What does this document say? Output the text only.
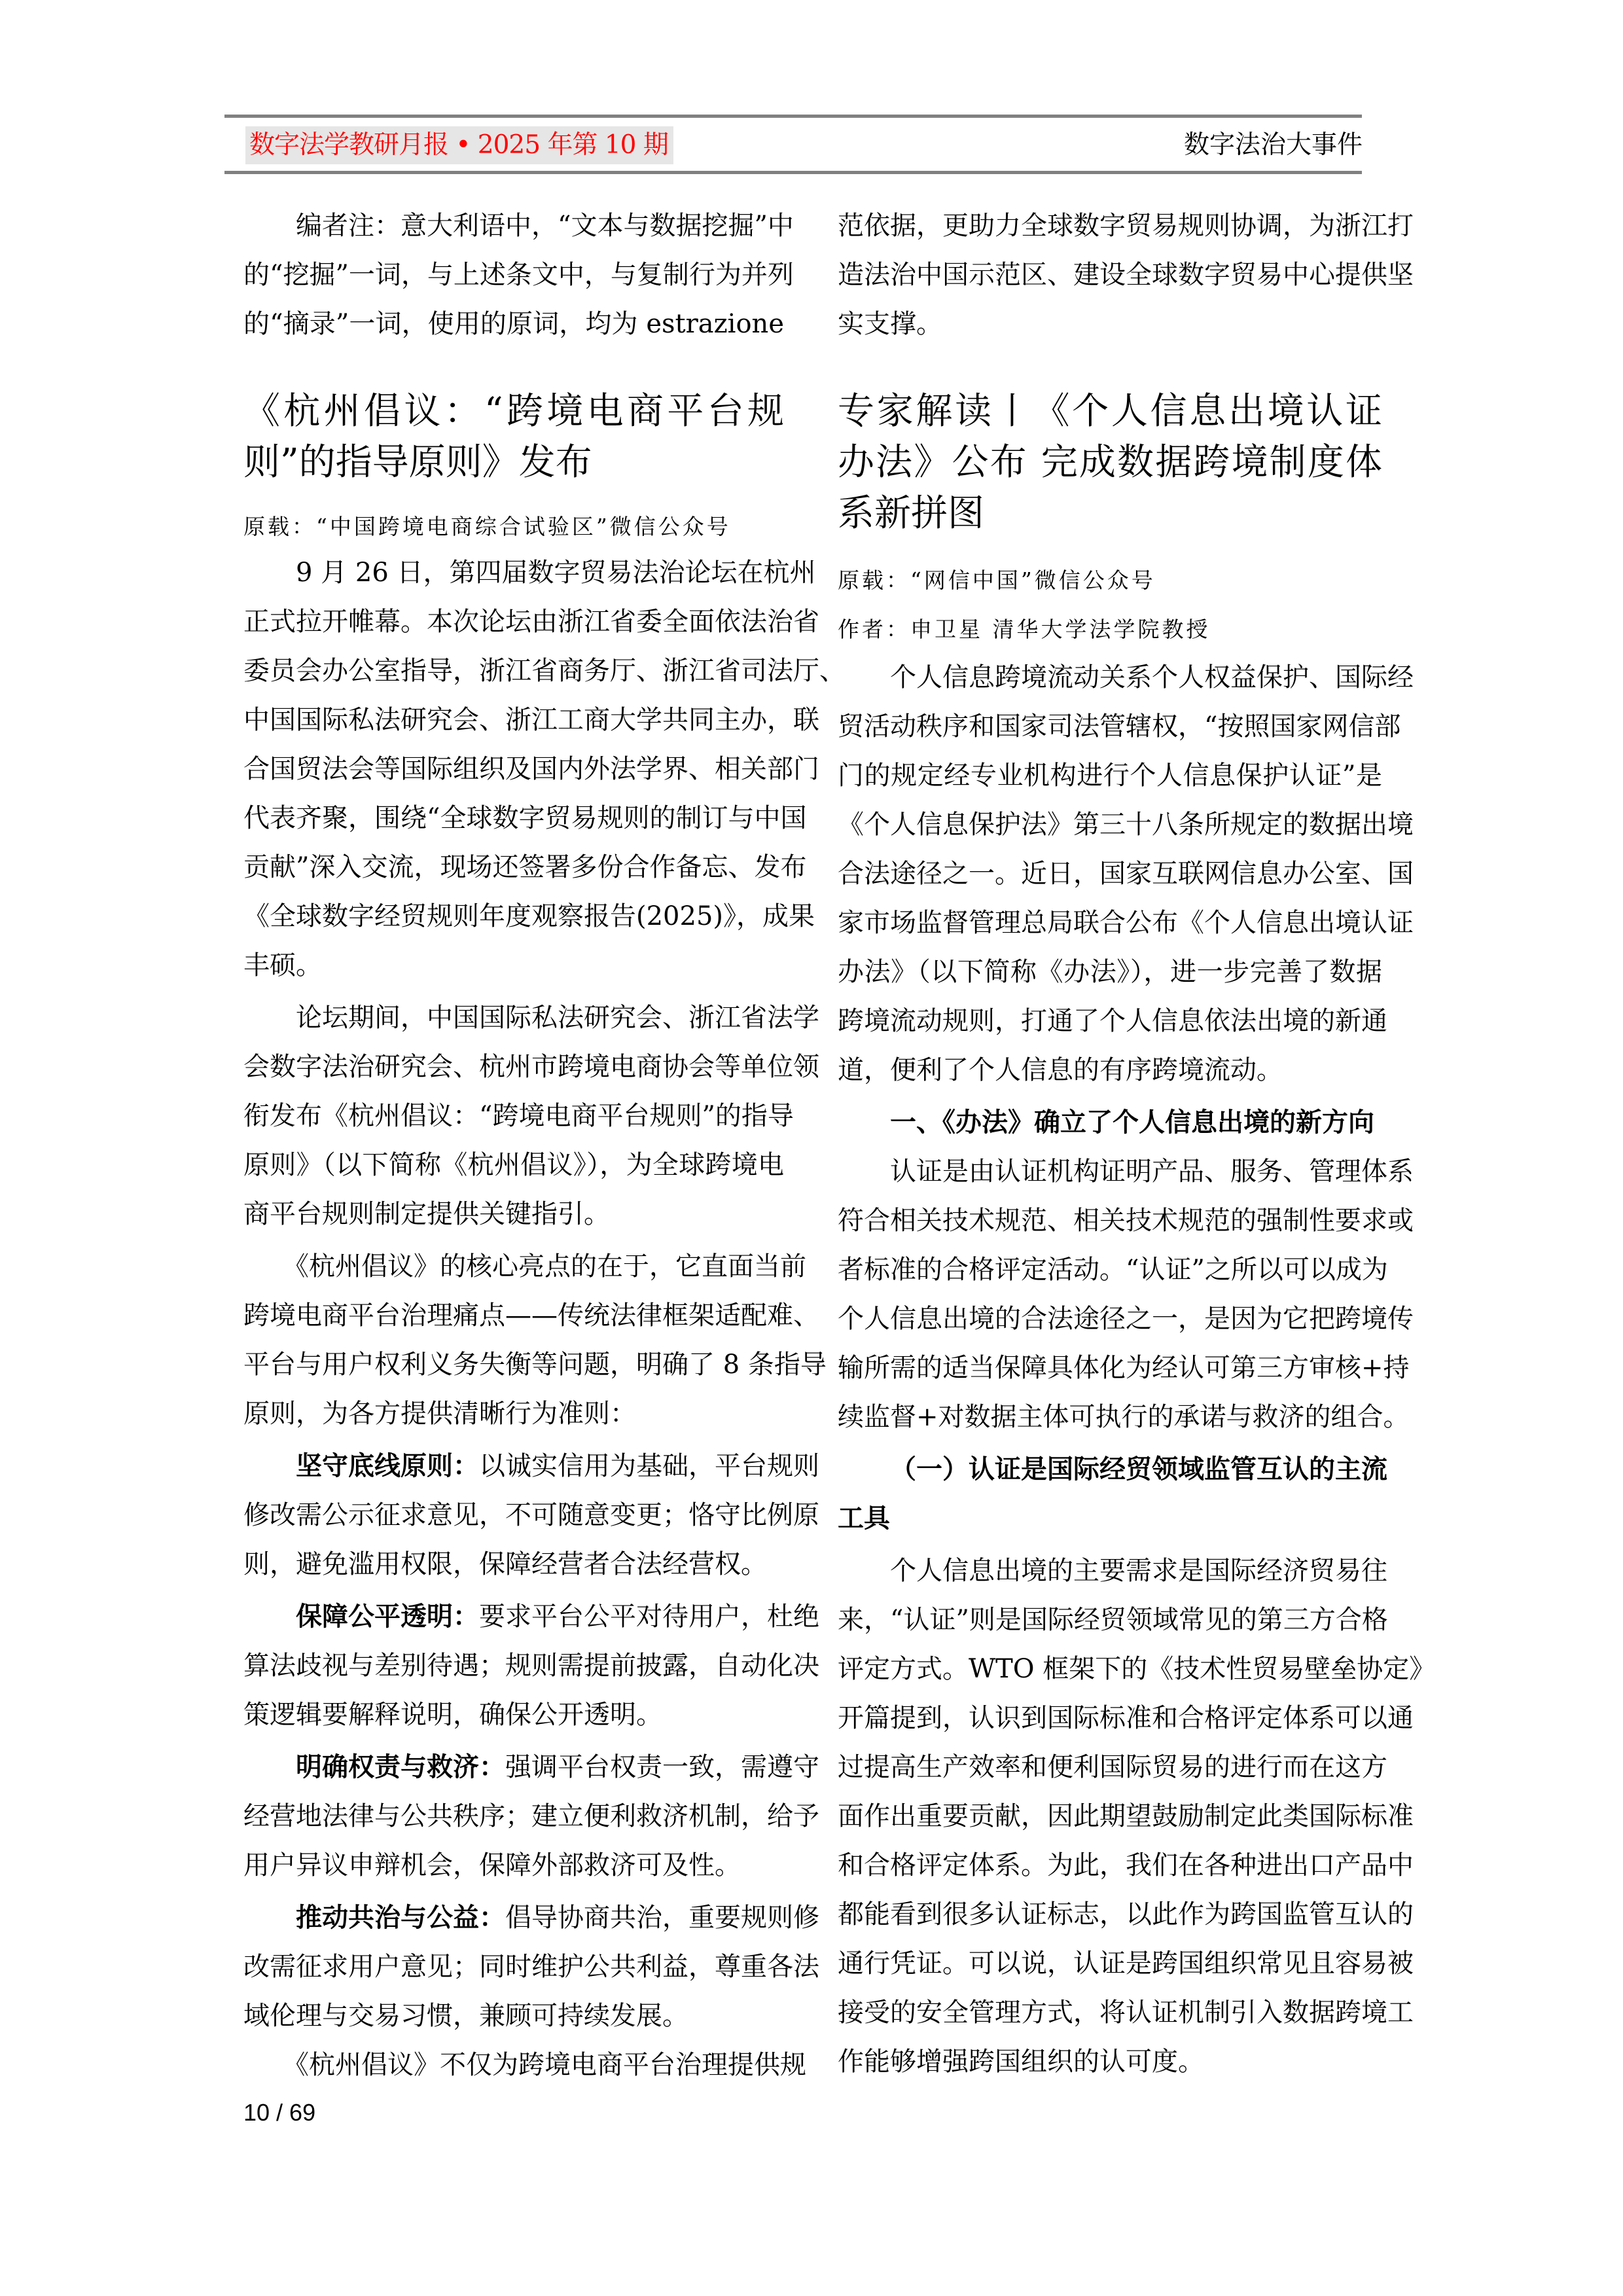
数字法学教研月报 • 2025 年第 10 期	数字法治大事件
编者注：意大利语中，“文本与数据挖掘”中
的“挖掘”一词，与上述条文中，与复制行为并列
的“摘录”一词，使用的原词，均为 estrazione
《杭州倡议：“跨境电商平台规
则”的指导原则》发布
原载：“中国跨境电商综合试验区”微信公众号
9 月 26 日，第四届数字贸易法治论坛在杭州
正式拉开帷幕。本次论坛由浙江省委全面依法治省
委员会办公室指导，浙江省商务厅、浙江省司法厅、
中国国际私法研究会、浙江工商大学共同主办，联
合国贸法会等国际组织及国内外法学界、相关部门
代表齐聚，围绕“全球数字贸易规则的制订与中国
贡献”深入交流，现场还签署多份合作备忘、发布
《全球数字经贸规则年度观察报告(2025)》，成果
丰硕。
论坛期间，中国国际私法研究会、浙江省法学
会数字法治研究会、杭州市跨境电商协会等单位领
衔发布《杭州倡议：“跨境电商平台规则”的指导
原则》（以下简称《杭州倡议》），为全球跨境电
商平台规则制定提供关键指引。
《杭州倡议》的核心亮点的在于，它直面当前
跨境电商平台治理痛点——传统法律框架适配难、
平台与用户权利义务失衡等问题，明确了 8 条指导
原则，为各方提供清晰行为准则：
坚守底线原则：以诚实信用为基础，平台规则
修改需公示征求意见，不可随意变更；恪守比例原
则，避免滥用权限，保障经营者合法经营权。
保障公平透明：要求平台公平对待用户，杜绝
算法歧视与差别待遇；规则需提前披露，自动化决
策逻辑要解释说明，确保公开透明。
明确权责与救济：强调平台权责一致，需遵守
经营地法律与公共秩序；建立便利救济机制，给予
用户异议申辩机会，保障外部救济可及性。
推动共治与公益：倡导协商共治，重要规则修
改需征求用户意见；同时维护公共利益，尊重各法
域伦理与交易习惯，兼顾可持续发展。
《杭州倡议》不仅为跨境电商平台治理提供规
范依据，更助力全球数字贸易规则协调，为浙江打
造法治中国示范区、建设全球数字贸易中心提供坚
实支撑。
专家解读丨《个人信息出境认证
办法》公布 完成数据跨境制度体
系新拼图
原载：“网信中国”微信公众号
作者：申卫星 清华大学法学院教授
个人信息跨境流动关系个人权益保护、国际经
贸活动秩序和国家司法管辖权，“按照国家网信部
门的规定经专业机构进行个人信息保护认证”是
《个人信息保护法》第三十八条所规定的数据出境
合法途径之一。近日，国家互联网信息办公室、国
家市场监督管理总局联合公布《个人信息出境认证
办法》（以下简称《办法》），进一步完善了数据
跨境流动规则，打通了个人信息依法出境的新通
道，便利了个人信息的有序跨境流动。
一、《办法》确立了个人信息出境的新方向
认证是由认证机构证明产品、服务、管理体系
符合相关技术规范、相关技术规范的强制性要求或
者标准的合格评定活动。“认证”之所以可以成为
个人信息出境的合法途径之一，是因为它把跨境传
输所需的适当保障具体化为经认可第三方审核+持
续监督+对数据主体可执行的承诺与救济的组合。
（一）认证是国际经贸领域监管互认的主流
工具
个人信息出境的主要需求是国际经济贸易往
来，“认证”则是国际经贸领域常见的第三方合格
评定方式。WTO 框架下的《技术性贸易壁垒协定》
开篇提到，认识到国际标准和合格评定体系可以通
过提高生产效率和便利国际贸易的进行而在这方
面作出重要贡献，因此期望鼓励制定此类国际标准
和合格评定体系。为此，我们在各种进出口产品中
都能看到很多认证标志，以此作为跨国监管互认的
通行凭证。可以说，认证是跨国组织常见且容易被
接受的安全管理方式，将认证机制引入数据跨境工
作能够增强跨国组织的认可度。
10 / 69
